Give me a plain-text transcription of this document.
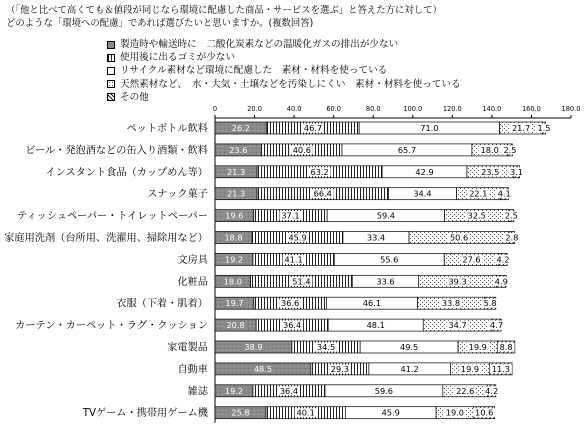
（「他と比べて高くても＆値段が同じなら環境に配慮した商品・サービスを選ぶ」と答えた方に対して）
どのような「環境への配慮」であれば選びたいと思いますか。(複数回答)
製造時や輸送時に　二酸化炭素などの温暖化ガスの排出が少ない
使用後に出るゴミが少ない
リサイクル素材など環境に配慮した　素材・材料を使っている
天然素材など、　水・大気・土壌などを汚染しにくい　素材・材料を使っている
その他
0	20.0	40.0	60.0	80.0	100.0	120.0	140.0	160.0	180.0
ペットボトル飲料	26.2	46.7	71.0	21.7 1.5
ビール・発泡酒などの缶入り酒類・飲料	23.6	40.6	65.7	18.0 2.5
インスタント食品（カップめん等） 21.3	63.2	42.9	23.5 3.1
スナック菓子 21.3	66.4	34.4	22.1 4.1
ティッシュペーパー・トイレットペーパー 19.6	37.1	59.4	32.5 2.5
家庭用洗剤（台所用、洗濯用、掃除用など） 18.8	45.9	33.4	50.6	2.8
文房具 19.2	41.1	55.6	27.6 4.2
化粧品 18.0	51.4	33.6	39.3	4.9
衣服（下着・肌着） 19.7	36.6	46.1	33.8	5.8
カーテン・カーペット・ラグ・クッション 20.8	36.4	48.1	34.7	4.7
家電製品	38.9	34.5	49.5	19.9 8.8
自動車	48.5	29.3	41.2	19.9 11.3
雑誌 19.2	36.4	59.6	22.6 4.2
TVゲーム・携帯用ゲーム機	25.8	40.1	45.9	19.0 10.6
